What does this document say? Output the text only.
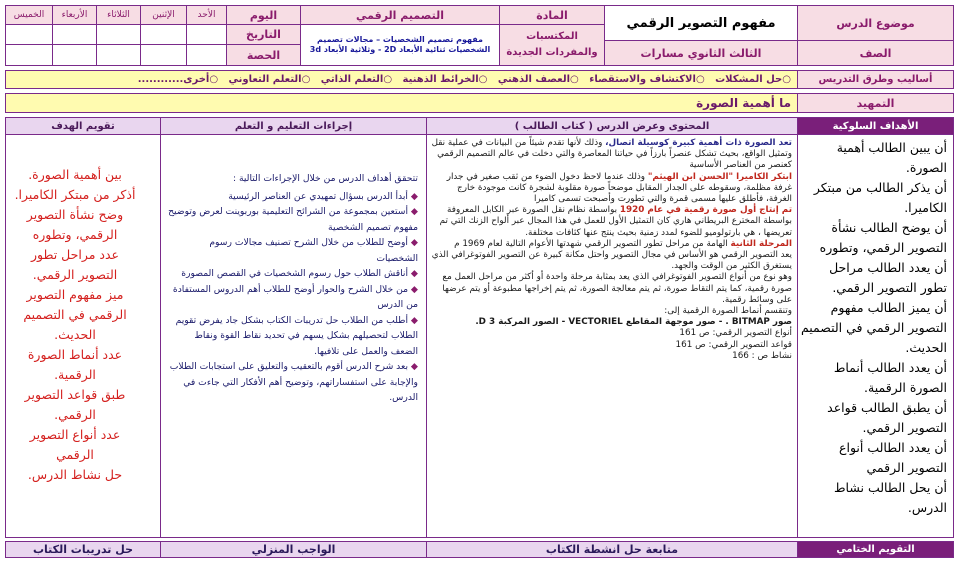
موضوع الدرس
مفهوم التصوير الرقمي
المادة
التصميم الرقمي
اليوم
الأحد
الإثنين
الثلاثاء
الأربعاء
الخميس
المكتسبات والمفردات الجديدة
مفهوم تصميم الشخصيات – مجالات تصميم الشخصيات ثنائية الأبعاد 2D - وثلاثية الأبعاد 3d
التاريخ
الحصة	الصف
الثالث الثانوي مسارات
أساليب وطرق التدريس
○حل المشكلات   ○الاكتشاف والاستقصاء   ○العصف الذهني   ○الخرائط الذهنية   ○التعلم الذاتي   ○التعلم التعاوني   ○أخرى............
التمهيد
ما أهمية الصورة
الأهداف السلوكية
المحتوى وعرض الدرس ( كتاب الطالب )
إجراءات التعليم و التعلم
تقويم الهدف

أن يبين الطالب أهمية الصورة.

أن يذكر الطالب من مبتكر الكاميرا.

أن يوضح الطالب نشأة التصوير الرقمي، وتطوره

أن يعدد الطالب مراحل تطور التصوير الرقمي.

أن يميز الطالب مفهوم التصوير الرقمي في التصميم الحديث.

أن يعدد الطالب أنماط الصورة الرقمية.

أن يطبق الطالب قواعد التصوير الرقمي.

أن يعدد الطالب أنواع التصوير الرقمي

أن يحل الطالب نشاط الدرس.

تعد الصورة ذات أهمية كبيرة كوسيلة اتصال، وذلك لأنها تقدم شيئاً من البيانات في عملية نقل وتمثيل الواقع، بحيث تشكل عنصراً بارزاً في حياتنا المعاصرة والتي دخلت في عالم التصميم الرقمي كعنصر من العناصر الأساسية

ابتكر الكاميرا "الحسن ابن الهيثم" وذلك عندما لاحظ دخول الضوء من ثقب صغير في جدار غرفة مظلمة، وسقوطه على الجدار المقابل موضحاً صورة مقلوبة لشجرة كانت موجودة خارج الغرفة، فأطلق عليها مسمى قمرة والتي تطورت وأصبحت تسمى كاميرا

تم إنتاج أول صورة رقمية في عام 1920 بواسطة نظام نقل الصورة عبر الكابل المعروفة بواسطة المخترع البريطاني هاري كان التمثيل الأول للعمل في هذا المجال عبر ألواح الزنك التي تم تعريضها ، هي بارتولوميو للضوء لمدد زمنية بحيث ينتج عنها كثافات مختلفة.

المرحلة الثانية الهامة من مراحل تطور التصوير الرقمي شهدتها الأعوام التالية لعام 1969 م

يعد التصوير الرقمي هو الأساس في مجال التصوير واحتل مكانة كبيرة عن التصوير الفوتوغرافي الذي يستغرق الكثير من الوقت والجهد.

وهو نوع من أنواع التصوير الفوتوغرافي الذي يعد بمثابة مرحلة واحدة أو أكثر من مراحل العمل مع صورة رقمية، كما يتم التقاط صورة، ثم يتم معالجة الصورة، ثم يتم إخراجها مطبوعة أو يتم عرضها على وسائط رقمية.

وتنقسم أنماط الصورة الرقمية إلى:

صور BITMAP . - صور موجهة المقاطع VECTORIEL - الصور المركبة 3 D.

أنواع التصوير الرقمي: ص 161

قواعد التصوير الرقمي: ص 161

نشاط ص : 166

تتحقق أهداف الدرس من خلال الإجراءات التالية :

◆ أبدأ الدرس بسؤال تمهيدي عن العناصر الرئيسية

◆ أستعين بمجموعة من الشرائح التعليمية بوربوينت لعرض وتوضيح مفهوم تصميم الشخصية

◆ أوضح للطلاب من خلال الشرح تصنيف مجالات رسوم الشخصيات

◆ أناقش الطلاب حول رسوم الشخصيات في القصص المصورة

◆ من خلال الشرح والحوار أوضح للطلاب أهم الدروس المستفادة من الدرس

◆ أطلب من الطلاب حل تدريبات الكتاب بشكل جاد يفرض تقويم الطلاب لتحصيلهم بشكل يسهم في تحديد نقاط القوة ونقاط الضعف والعمل على تلافيها.

◆ بعد شرح الدرس أقوم بالتعقيب والتعليق على استجابات الطلاب والإجابة على استفساراتهم، وتوضيح أهم الأفكار التي جاءت في الدرس.

بين أهمية الصورة.

أذكر من مبتكر الكاميرا.

وضح نشأة التصوير الرقمي، وتطوره

عدد مراحل تطور التصوير الرقمي.

ميز مفهوم التصوير الرقمي في التصميم الحديث.

عدد أنماط الصورة الرقمية.

طبق قواعد التصوير الرقمي.

عدد أنواع التصوير الرقمي

حل نشاط الدرس.

التقويم الختامي
متابعة حل انشطة الكتاب
الواجب المنزلي
حل تدريبات الكتاب
